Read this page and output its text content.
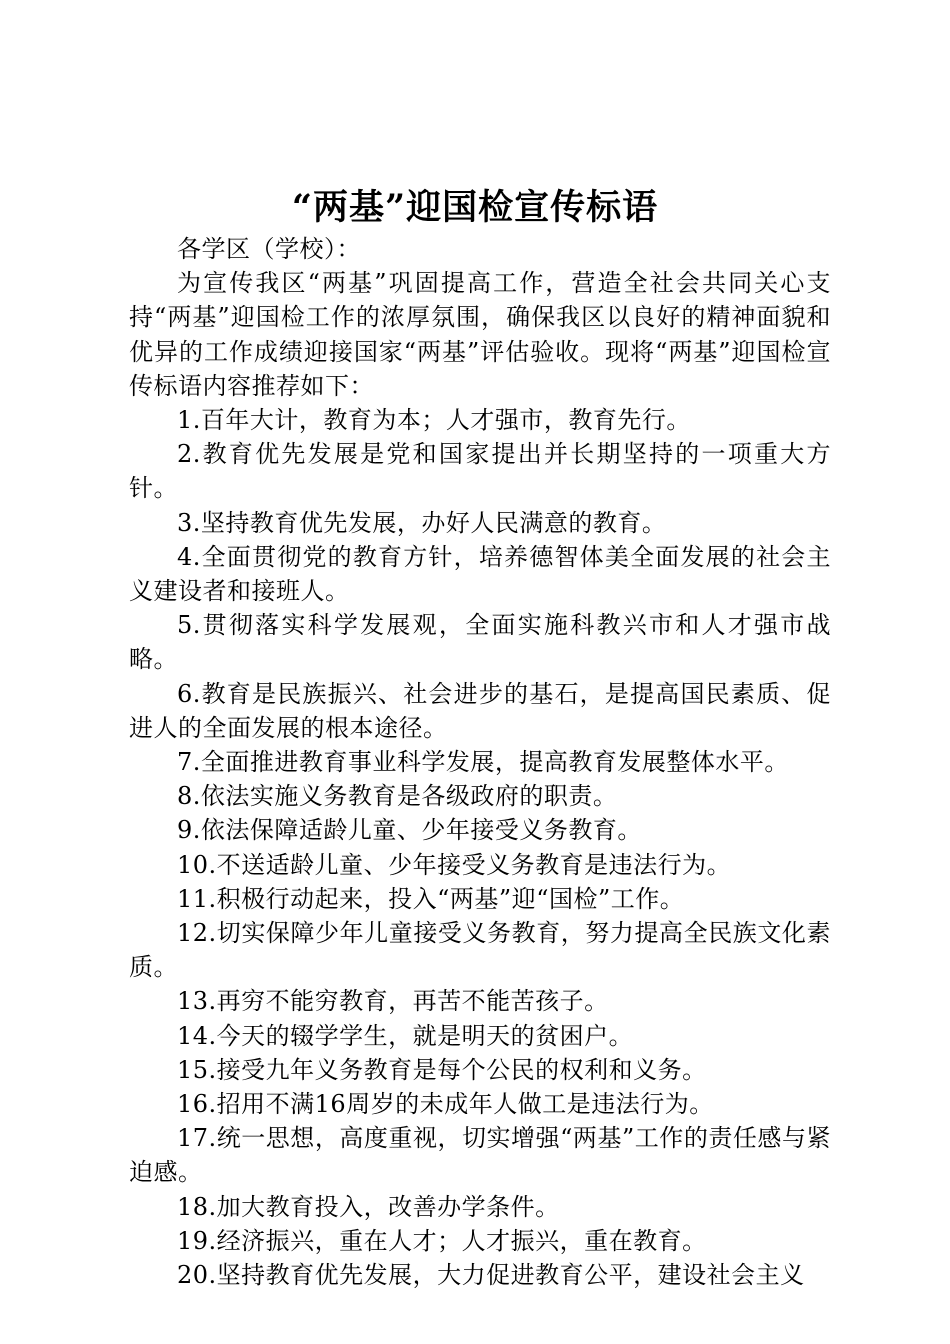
“两基”迎国检宣传标语

各学区（学校）：

为宣传我区“两基”巩固提高工作，营造全社会共同关心支持“两基”迎国检工作的浓厚氛围，确保我区以良好的精神面貌和优异的工作成绩迎接国家“两基”评估验收。现将“两基”迎国检宣传标语内容推荐如下：

1.百年大计，教育为本；人才强市，教育先行。

2.教育优先发展是党和国家提出并长期坚持的一项重大方针。

3.坚持教育优先发展，办好人民满意的教育。

4.全面贯彻党的教育方针，培养德智体美全面发展的社会主义建设者和接班人。

5.贯彻落实科学发展观，全面实施科教兴市和人才强市战略。

6.教育是民族振兴、社会进步的基石，是提高国民素质、促进人的全面发展的根本途径。

7.全面推进教育事业科学发展，提高教育发展整体水平。

8.依法实施义务教育是各级政府的职责。

9.依法保障适龄儿童、少年接受义务教育。

10.不送适龄儿童、少年接受义务教育是违法行为。

11.积极行动起来，投入“两基”迎“国检”工作。

12.切实保障少年儿童接受义务教育，努力提高全民族文化素质。

13.再穷不能穷教育，再苦不能苦孩子。

14.今天的辍学学生，就是明天的贫困户。

15.接受九年义务教育是每个公民的权利和义务。

16.招用不满16周岁的未成年人做工是违法行为。

17.统一思想，高度重视，切实增强“两基”工作的责任感与紧迫感。

18.加大教育投入，改善办学条件。

19.经济振兴，重在人才；人才振兴，重在教育。

20.坚持教育优先发展，大力促进教育公平，建设社会主义
